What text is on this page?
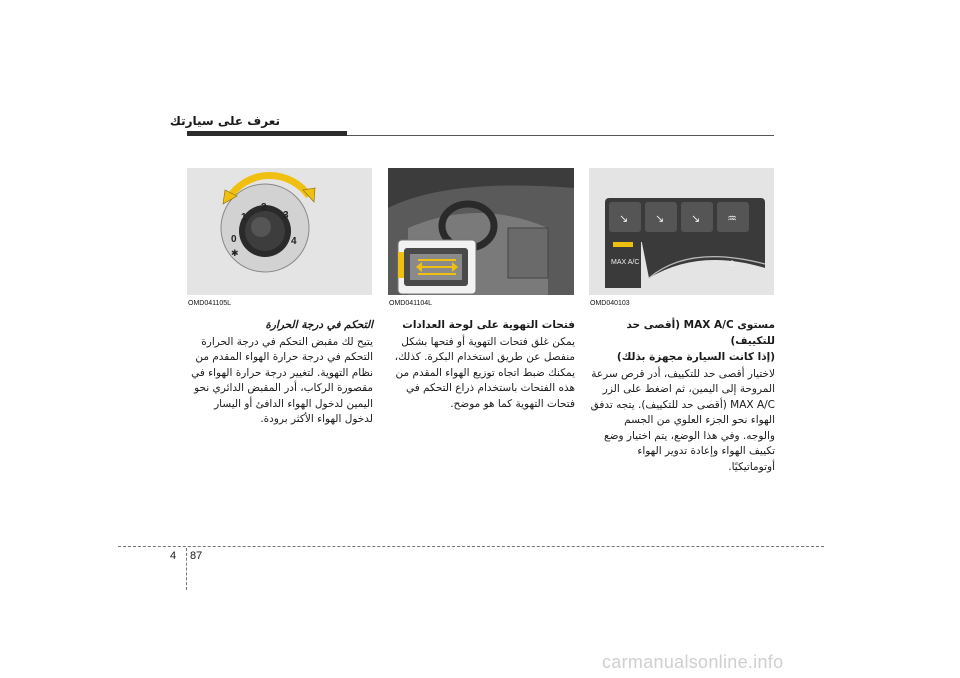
تعرف على سيارتك
0
1
2
3
4
✱
OMD041105L	OMD041104L
↘ ↘ ↘ ♒
MAX A/C	⌂
OMD040103
التحكم في درجة الحرارة

يتيح لك مقبض التحكم في درجة الحرارة التحكم في درجة حرارة الهواء المقدم من نظام التهوية. لتغيير درجة حرارة الهواء في مقصورة الركاب، أدر المقبض الدائري نحو اليمين لدخول الهواء الدافئ أو اليسار لدخول الهواء الأكثر برودة.

فتحات التهوية على لوحة العدادات

يمكن غلق فتحات التهوية أو فتحها بشكل منفصل عن طريق استخدام البكرة. كذلك، يمكنك ضبط اتجاه توزيع الهواء المقدم من هذه الفتحات باستخدام ذراع التحكم في فتحات التهوية كما هو موضح.

مستوى MAX A/C (أقصى حد للتكييف)
(إذا كانت السيارة مجهزة بذلك)

لاختيار أقصى حد للتكييف، أدر قرص سرعة المروحة إلى اليمين، ثم اضغط على الزر MAX A/C (أقصى حد للتكييف). يتجه تدفق الهواء نحو الجزء العلوي من الجسم والوجه. وفي هذا الوضع، يتم اختيار وضع تكييف الهواء وإعادة تدوير الهواء أوتوماتيكيًا.

4 87
carmanualsonline.info
